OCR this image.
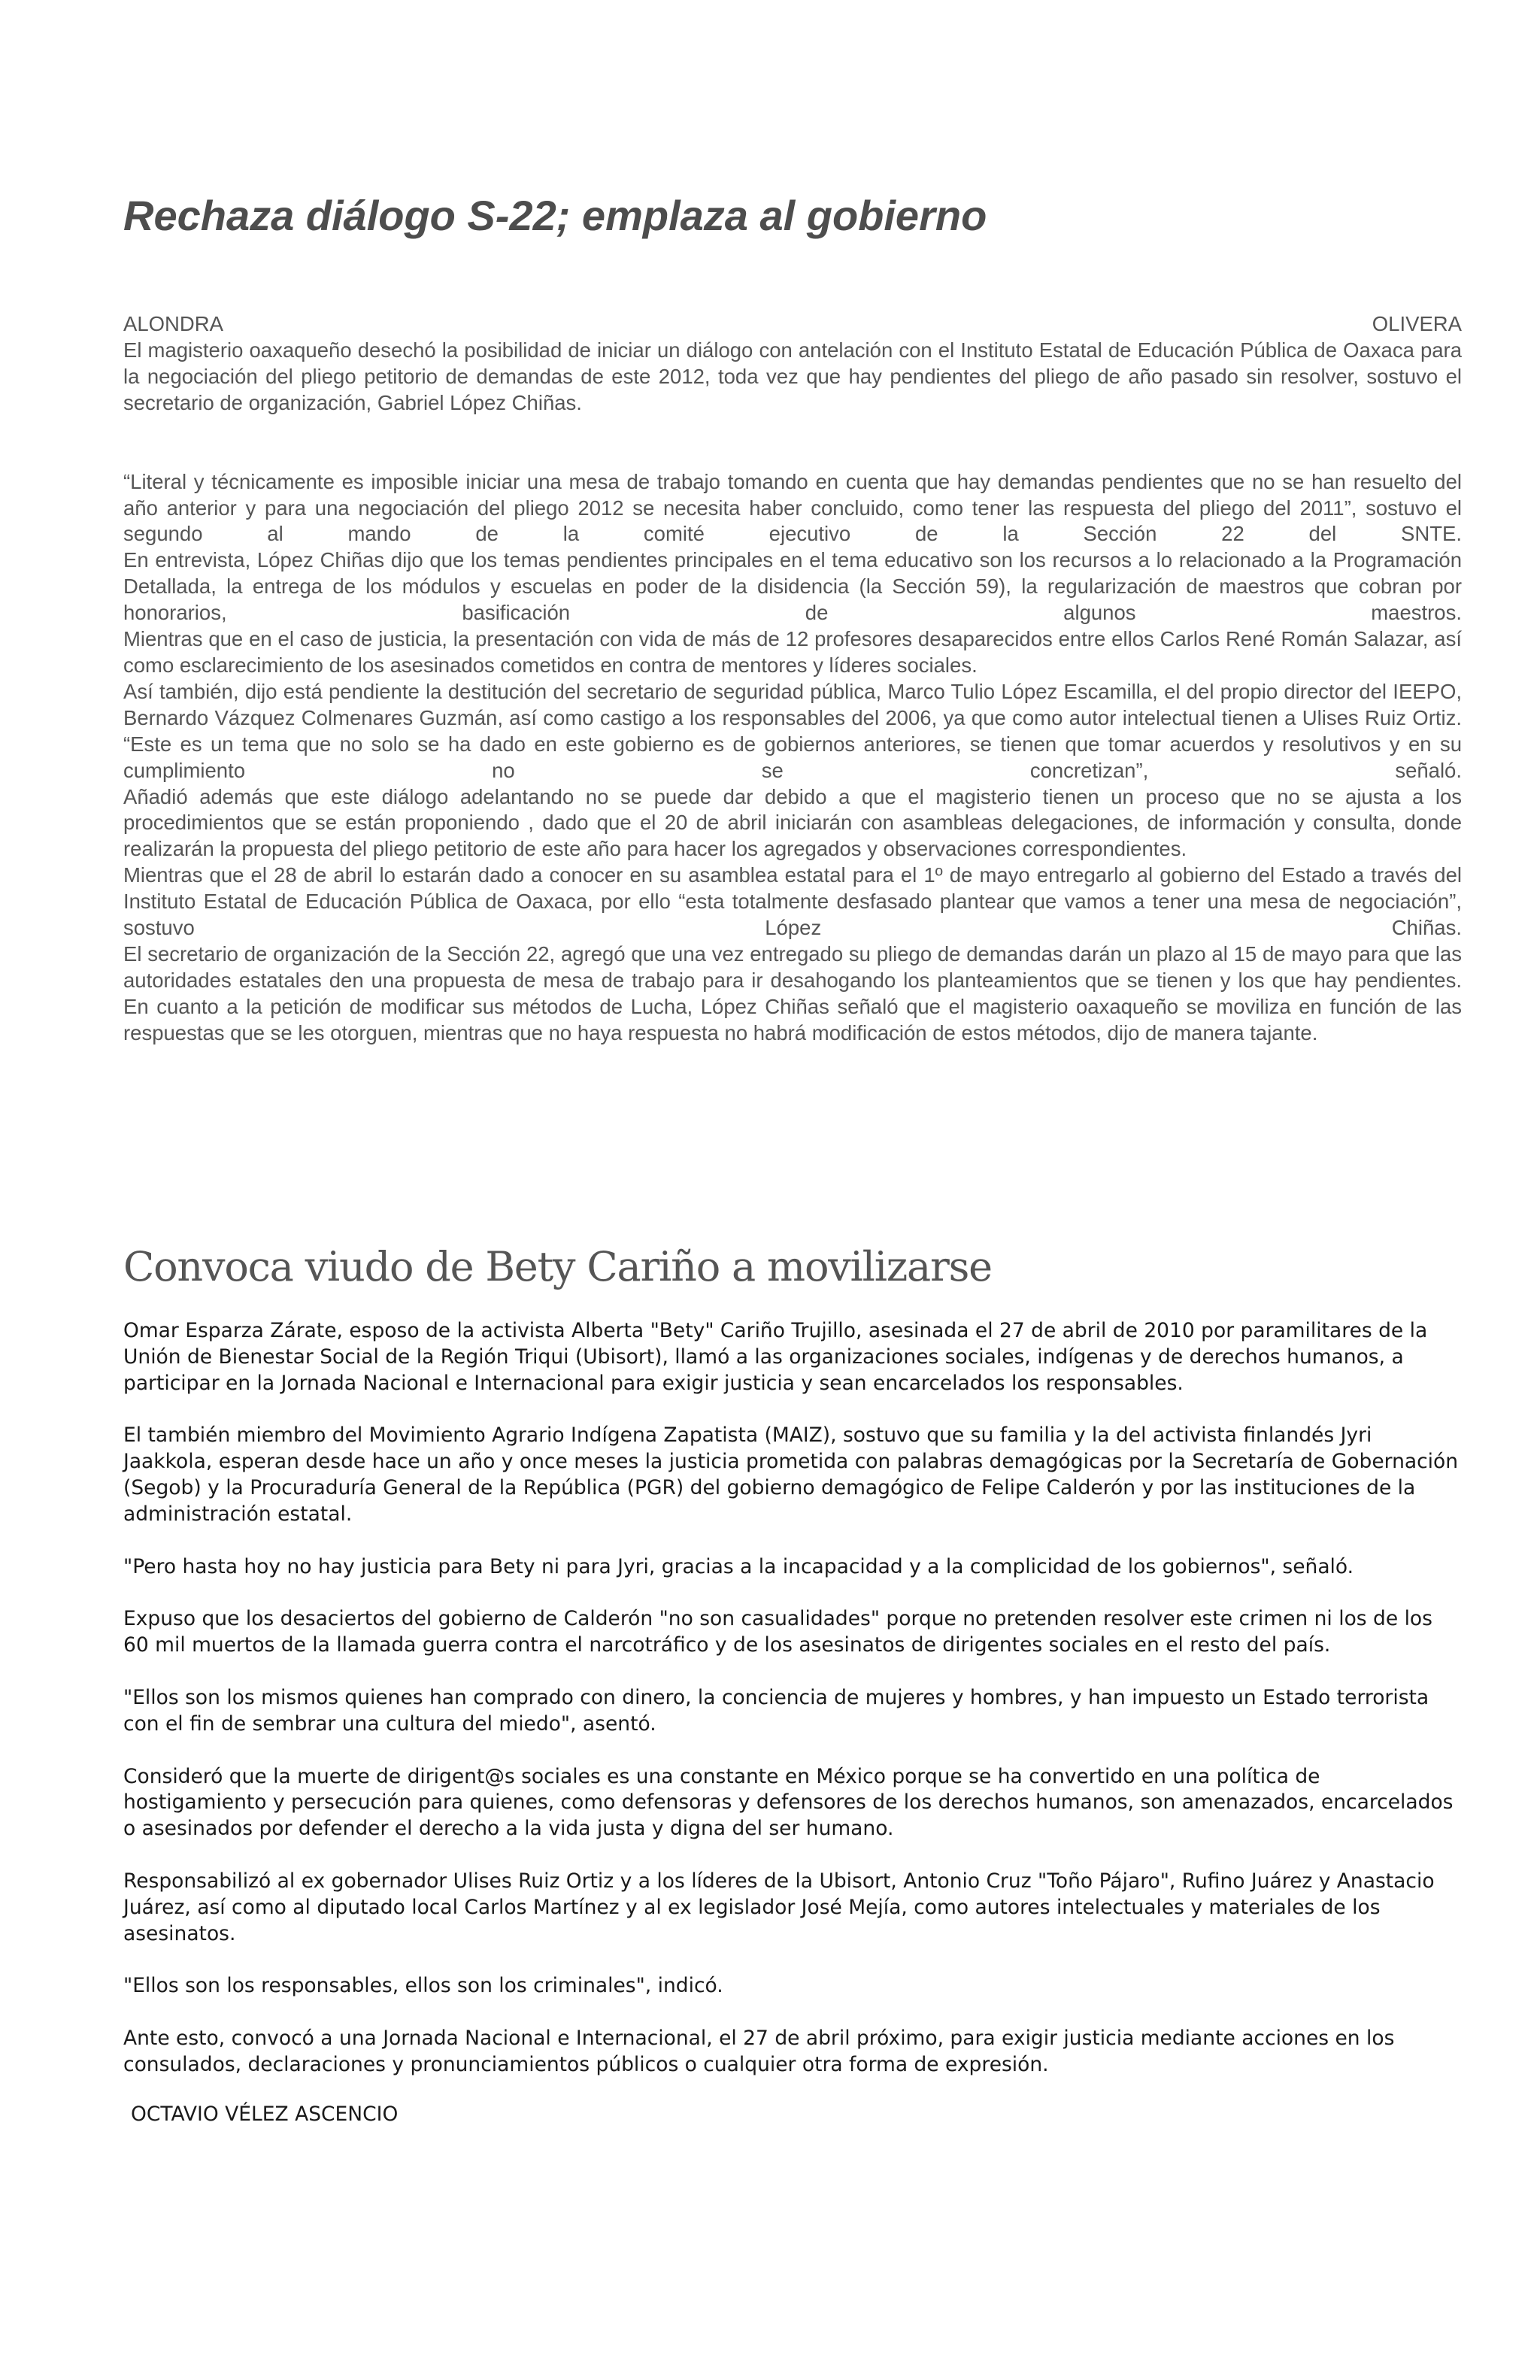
Rechaza diálogo S-22; emplaza al gobierno
ALONDRA	OLIVERA

El magisterio oaxaqueño desechó la posibilidad de iniciar un diálogo con antelación con el Instituto Estatal de Educación Pública de Oaxaca para la negociación del pliego petitorio de demandas de este 2012, toda vez que hay pendientes del pliego de año pasado sin resolver, sostuvo el secretario de organización, Gabriel López Chiñas.

“Literal y técnicamente es imposible iniciar una mesa de trabajo tomando en cuenta que hay demandas pendientes que no se han resuelto del año anterior y para una negociación del pliego 2012 se necesita haber concluido, como tener las respuesta del pliego del 2011”, sostuvo el segundo al mando de la comité ejecutivo de la Sección 22 del SNTE.

En entrevista, López Chiñas dijo que los temas pendientes principales en el tema educativo son los recursos a lo relacionado a la Programación Detallada, la entrega de los módulos y escuelas en poder de la disidencia (la Sección 59), la regularización de maestros que cobran por honorarios, basificación de algunos maestros.

Mientras que en el caso de justicia, la presentación con vida de más de 12 profesores desaparecidos entre ellos Carlos René Román Salazar, así como esclarecimiento de los asesinados cometidos en contra de mentores y líderes sociales.

Así también, dijo está pendiente la destitución del secretario de seguridad pública, Marco Tulio López Escamilla, el del propio director del IEEPO, Bernardo Vázquez Colmenares Guzmán, así como castigo a los responsables del 2006, ya que como autor intelectual tienen a Ulises Ruiz Ortiz.

“Este es un tema que no solo se ha dado en este gobierno es de gobiernos anteriores, se tienen que tomar acuerdos y resolutivos y en su cumplimiento no se concretizan”, señaló.

Añadió además que este diálogo adelantando no se puede dar debido a que el magisterio tienen un proceso que no se ajusta a los procedimientos que se están proponiendo , dado que el 20 de abril iniciarán con asambleas delegaciones, de información y consulta, donde realizarán la propuesta del pliego petitorio de este año para hacer los agregados y observaciones correspondientes.

Mientras que el 28 de abril lo estarán dado a conocer en su asamblea estatal para el 1º de mayo entregarlo al gobierno del Estado a través del Instituto Estatal de Educación Pública de Oaxaca, por ello “esta totalmente desfasado plantear que vamos a tener una mesa de negociación”, sostuvo López Chiñas.

El secretario de organización de la Sección 22, agregó que una vez entregado su pliego de demandas darán un plazo al 15 de mayo para que las autoridades estatales den una propuesta de mesa de trabajo para ir desahogando los planteamientos que se tienen y los que hay pendientes.

En cuanto a la petición de modificar sus métodos de Lucha, López Chiñas señaló que el magisterio oaxaqueño se moviliza en función de las respuestas que se les otorguen, mientras que no haya respuesta no habrá modificación de estos métodos, dijo de manera tajante.

Convoca viudo de Bety Cariño a movilizarse

Omar Esparza Zárate, esposo de la activista Alberta "Bety" Cariño Trujillo, asesinada el 27 de abril de 2010 por paramilitares de la Unión de Bienestar Social de la Región Triqui (Ubisort), llamó a las organizaciones sociales, indígenas y de derechos humanos, a participar en la Jornada Nacional e Internacional para exigir justicia y sean encarcelados los responsables.

El también miembro del Movimiento Agrario Indígena Zapatista (MAIZ), sostuvo que su familia y la del activista finlandés Jyri Jaakkola, esperan desde hace un año y once meses la justicia prometida con palabras demagógicas por la Secretaría de Gobernación (Segob) y la Procuraduría General de la República (PGR) del gobierno demagógico de Felipe Calderón y por las instituciones de la administración estatal.

"Pero hasta hoy no hay justicia para Bety ni para Jyri, gracias a la incapacidad y a la complicidad de los gobiernos", señaló.

Expuso que los desaciertos del gobierno de Calderón "no son casualidades" porque no pretenden resolver este crimen ni los de los 60 mil muertos de la llamada guerra contra el narcotráfico y de los asesinatos de dirigentes sociales en el resto del país.

"Ellos son los mismos quienes han comprado con dinero, la conciencia de mujeres y hombres, y han impuesto un Estado terrorista con el fin de sembrar una cultura del miedo", asentó.

Consideró que la muerte de dirigent@s sociales es una constante en México porque se ha convertido en una política de hostigamiento y persecución para quienes, como defensoras y defensores de los derechos humanos, son amenazados, encarcelados o asesinados por defender el derecho a la vida justa y digna del ser humano.

Responsabilizó al ex gobernador Ulises Ruiz Ortiz y a los líderes de la Ubisort, Antonio Cruz "Toño Pájaro", Rufino Juárez y Anastacio Juárez, así como al diputado local Carlos Martínez y al ex legislador José Mejía, como autores intelectuales y materiales de los asesinatos.

"Ellos son los responsables, ellos son los criminales", indicó.

Ante esto, convocó a una Jornada Nacional e Internacional, el 27 de abril próximo, para exigir justicia mediante acciones en los consulados, declaraciones y pronunciamientos públicos o cualquier otra forma de expresión.

OCTAVIO VÉLEZ ASCENCIO
